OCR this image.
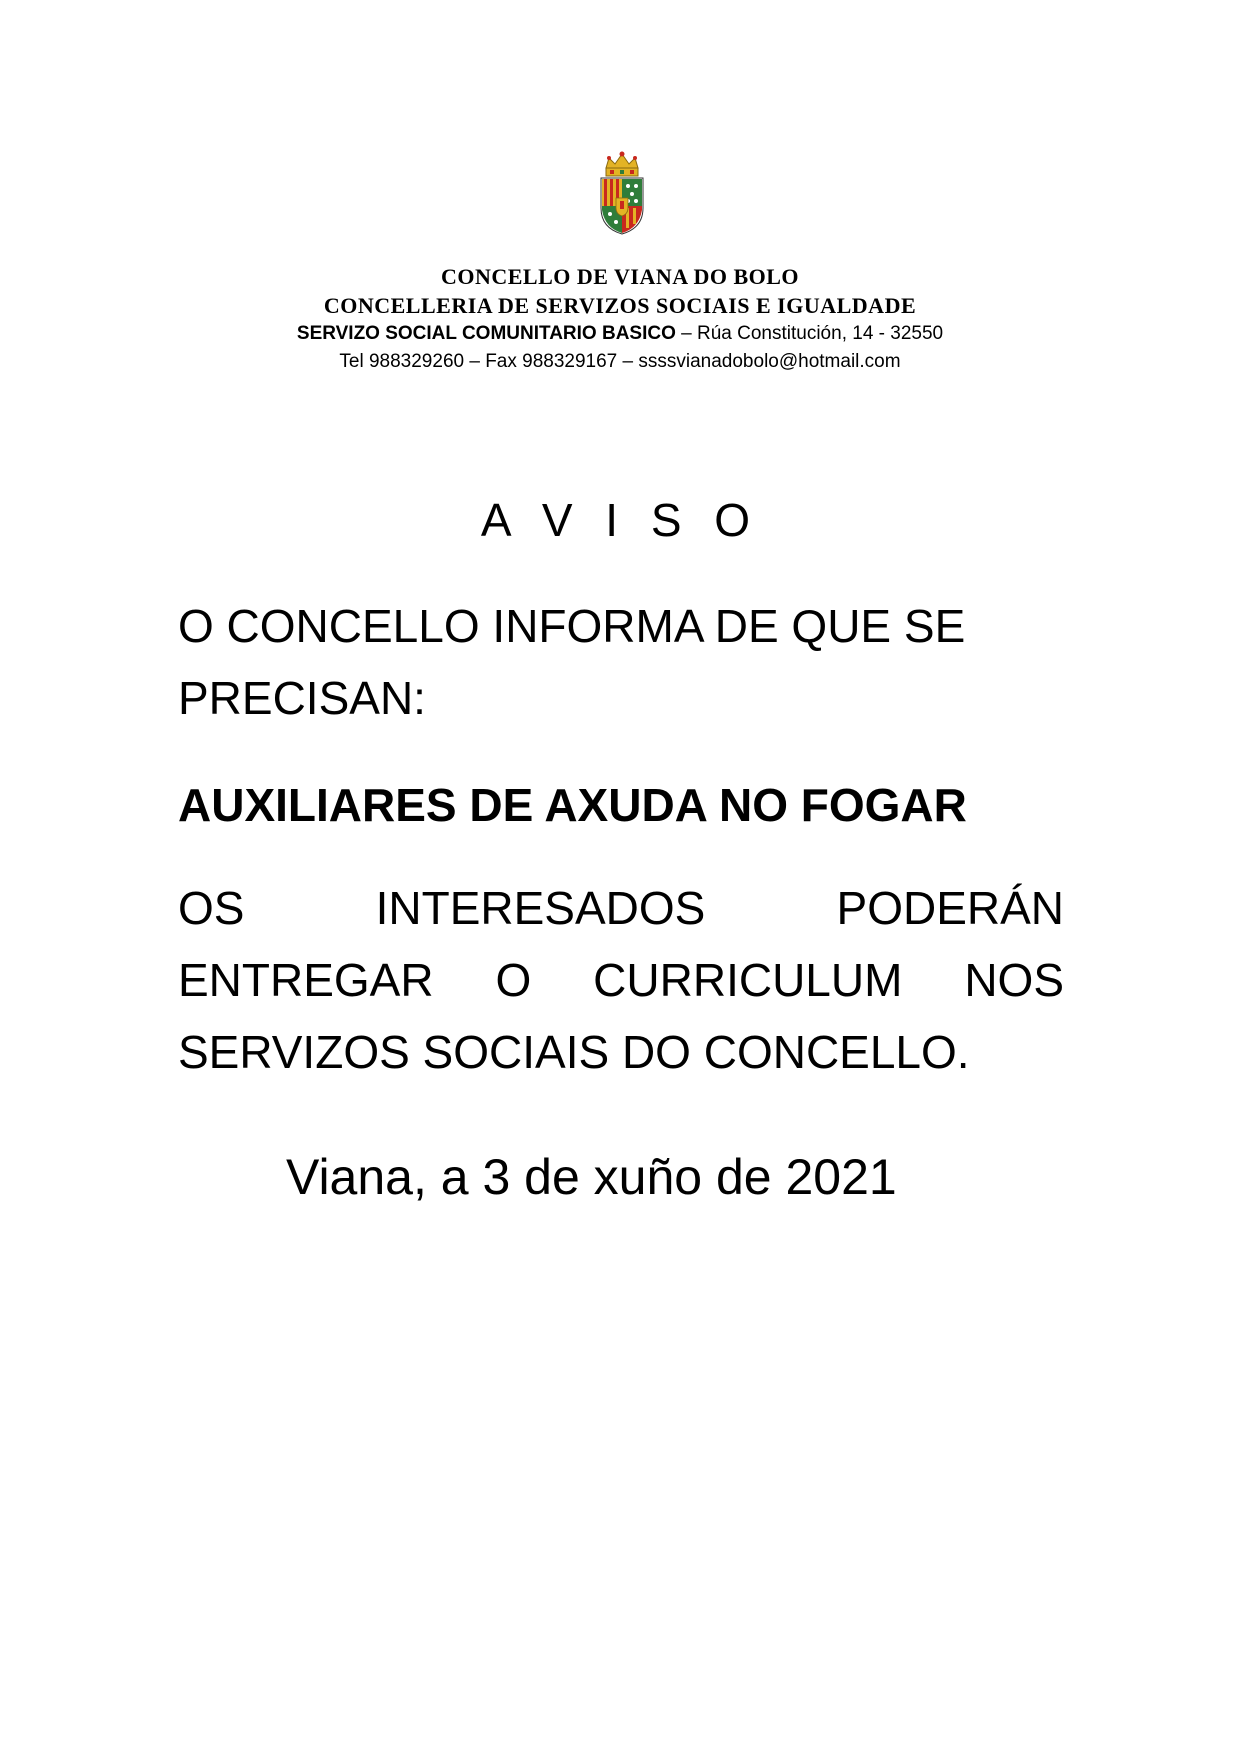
CONCELLO DE VIANA DO BOLO
CONCELLERIA DE SERVIZOS SOCIAIS E IGUALDADE
SERVIZO SOCIAL COMUNITARIO BASICO – Rúa Constitución, 14 - 32550
Tel 988329260 – Fax 988329167 – ssssvianadobolo@hotmail.com
A V I S O
O CONCELLO INFORMA DE QUE SE PRECISAN:
AUXILIARES DE AXUDA NO FOGAR
OS INTERESADOS PODERÁN ENTREGAR O CURRICULUM NOS SERVIZOS SOCIAIS DO CONCELLO.
Viana, a 3 de xuño de 2021
